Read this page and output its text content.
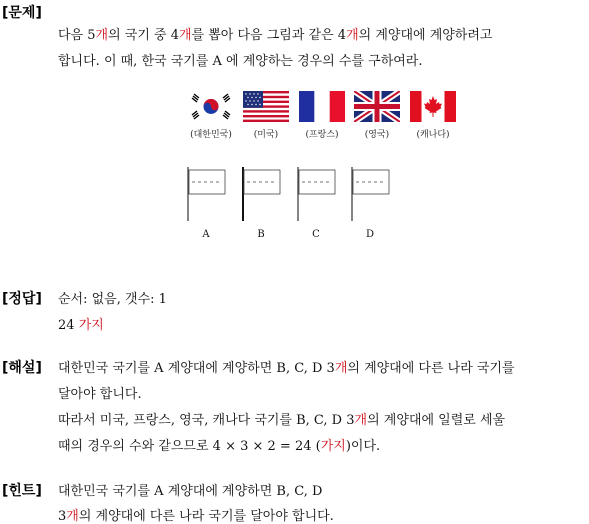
[문제]
다음 5개의 국기 중 4개를 뽑아 다음 그림과 같은 4개의 계양대에 계양하려고
합니다. 이 때, 한국 국기를 A 에 계양하는 경우의 수를 구하여라.
(대한민국)	(미국)	(프랑스)	(영국)	(캐나다)
A	B	C	D
[정답] 순서: 없음, 갯수: 1
24 가지
[해설] 대한민국 국기를 A 계양대에 계양하면 B, C, D 3개의 계양대에 다른 나라 국기를
달아야 합니다.
따라서 미국, 프랑스, 영국, 캐나다 국기를 B, C, D 3개의 계양대에 일렬로 세울
때의 경우의 수와 같으므로 4 × 3 × 2 = 24 (가지)이다.
[힌트] 대한민국 국기를 A 계양대에 계양하면 B, C, D
3개의 계양대에 다른 나라 국기를 달아야 합니다.
